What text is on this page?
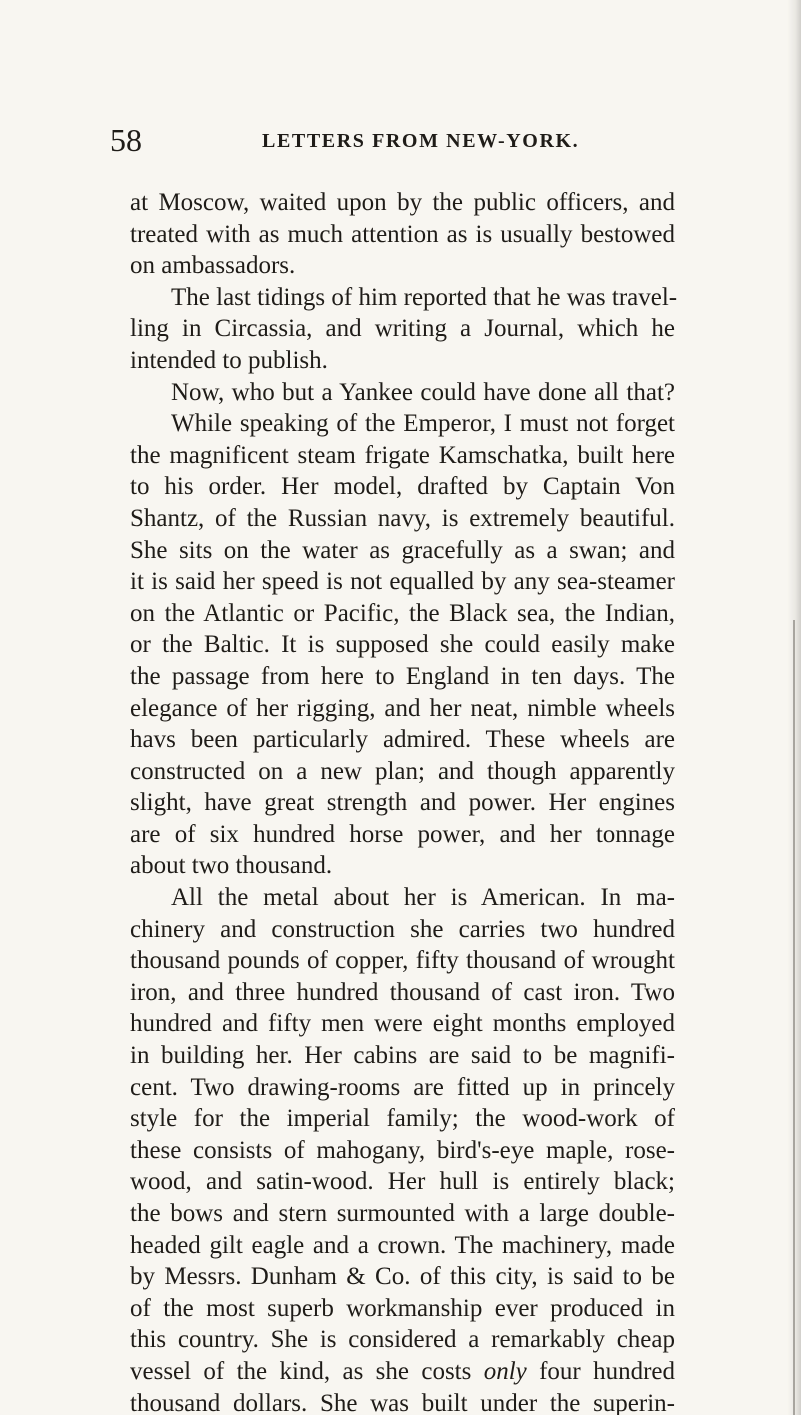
58	LETTERS FROM NEW-YORK.
at Moscow, waited upon by the public officers, and
treated with as much attention as is usually bestowed
on ambassadors.
The last tidings of him reported that he was travel-
ling in Circassia, and writing a Journal, which he
intended to publish.
Now, who but a Yankee could have done all that?
While speaking of the Emperor, I must not forget
the magnificent steam frigate Kamschatka, built here
to his order. Her model, drafted by Captain Von
Shantz, of the Russian navy, is extremely beautiful.
She sits on the water as gracefully as a swan; and
it is said her speed is not equalled by any sea-steamer
on the Atlantic or Pacific, the Black sea, the Indian,
or the Baltic. It is supposed she could easily make
the passage from here to England in ten days. The
elegance of her rigging, and her neat, nimble wheels
havs been particularly admired. These wheels are
constructed on a new plan; and though apparently
slight, have great strength and power. Her engines
are of six hundred horse power, and her tonnage
about two thousand.
All the metal about her is American. In ma-
chinery and construction she carries two hundred
thousand pounds of copper, fifty thousand of wrought
iron, and three hundred thousand of cast iron. Two
hundred and fifty men were eight months employed
in building her. Her cabins are said to be magnifi-
cent. Two drawing-rooms are fitted up in princely
style for the imperial family; the wood-work of
these consists of mahogany, bird's-eye maple, rose-
wood, and satin-wood. Her hull is entirely black;
the bows and stern surmounted with a large double-
headed gilt eagle and a crown. The machinery, made
by Messrs. Dunham & Co. of this city, is said to be
of the most superb workmanship ever produced in
this country. She is considered a remarkably cheap
vessel of the kind, as she costs only four hundred
thousand dollars. She was built under the superin-
